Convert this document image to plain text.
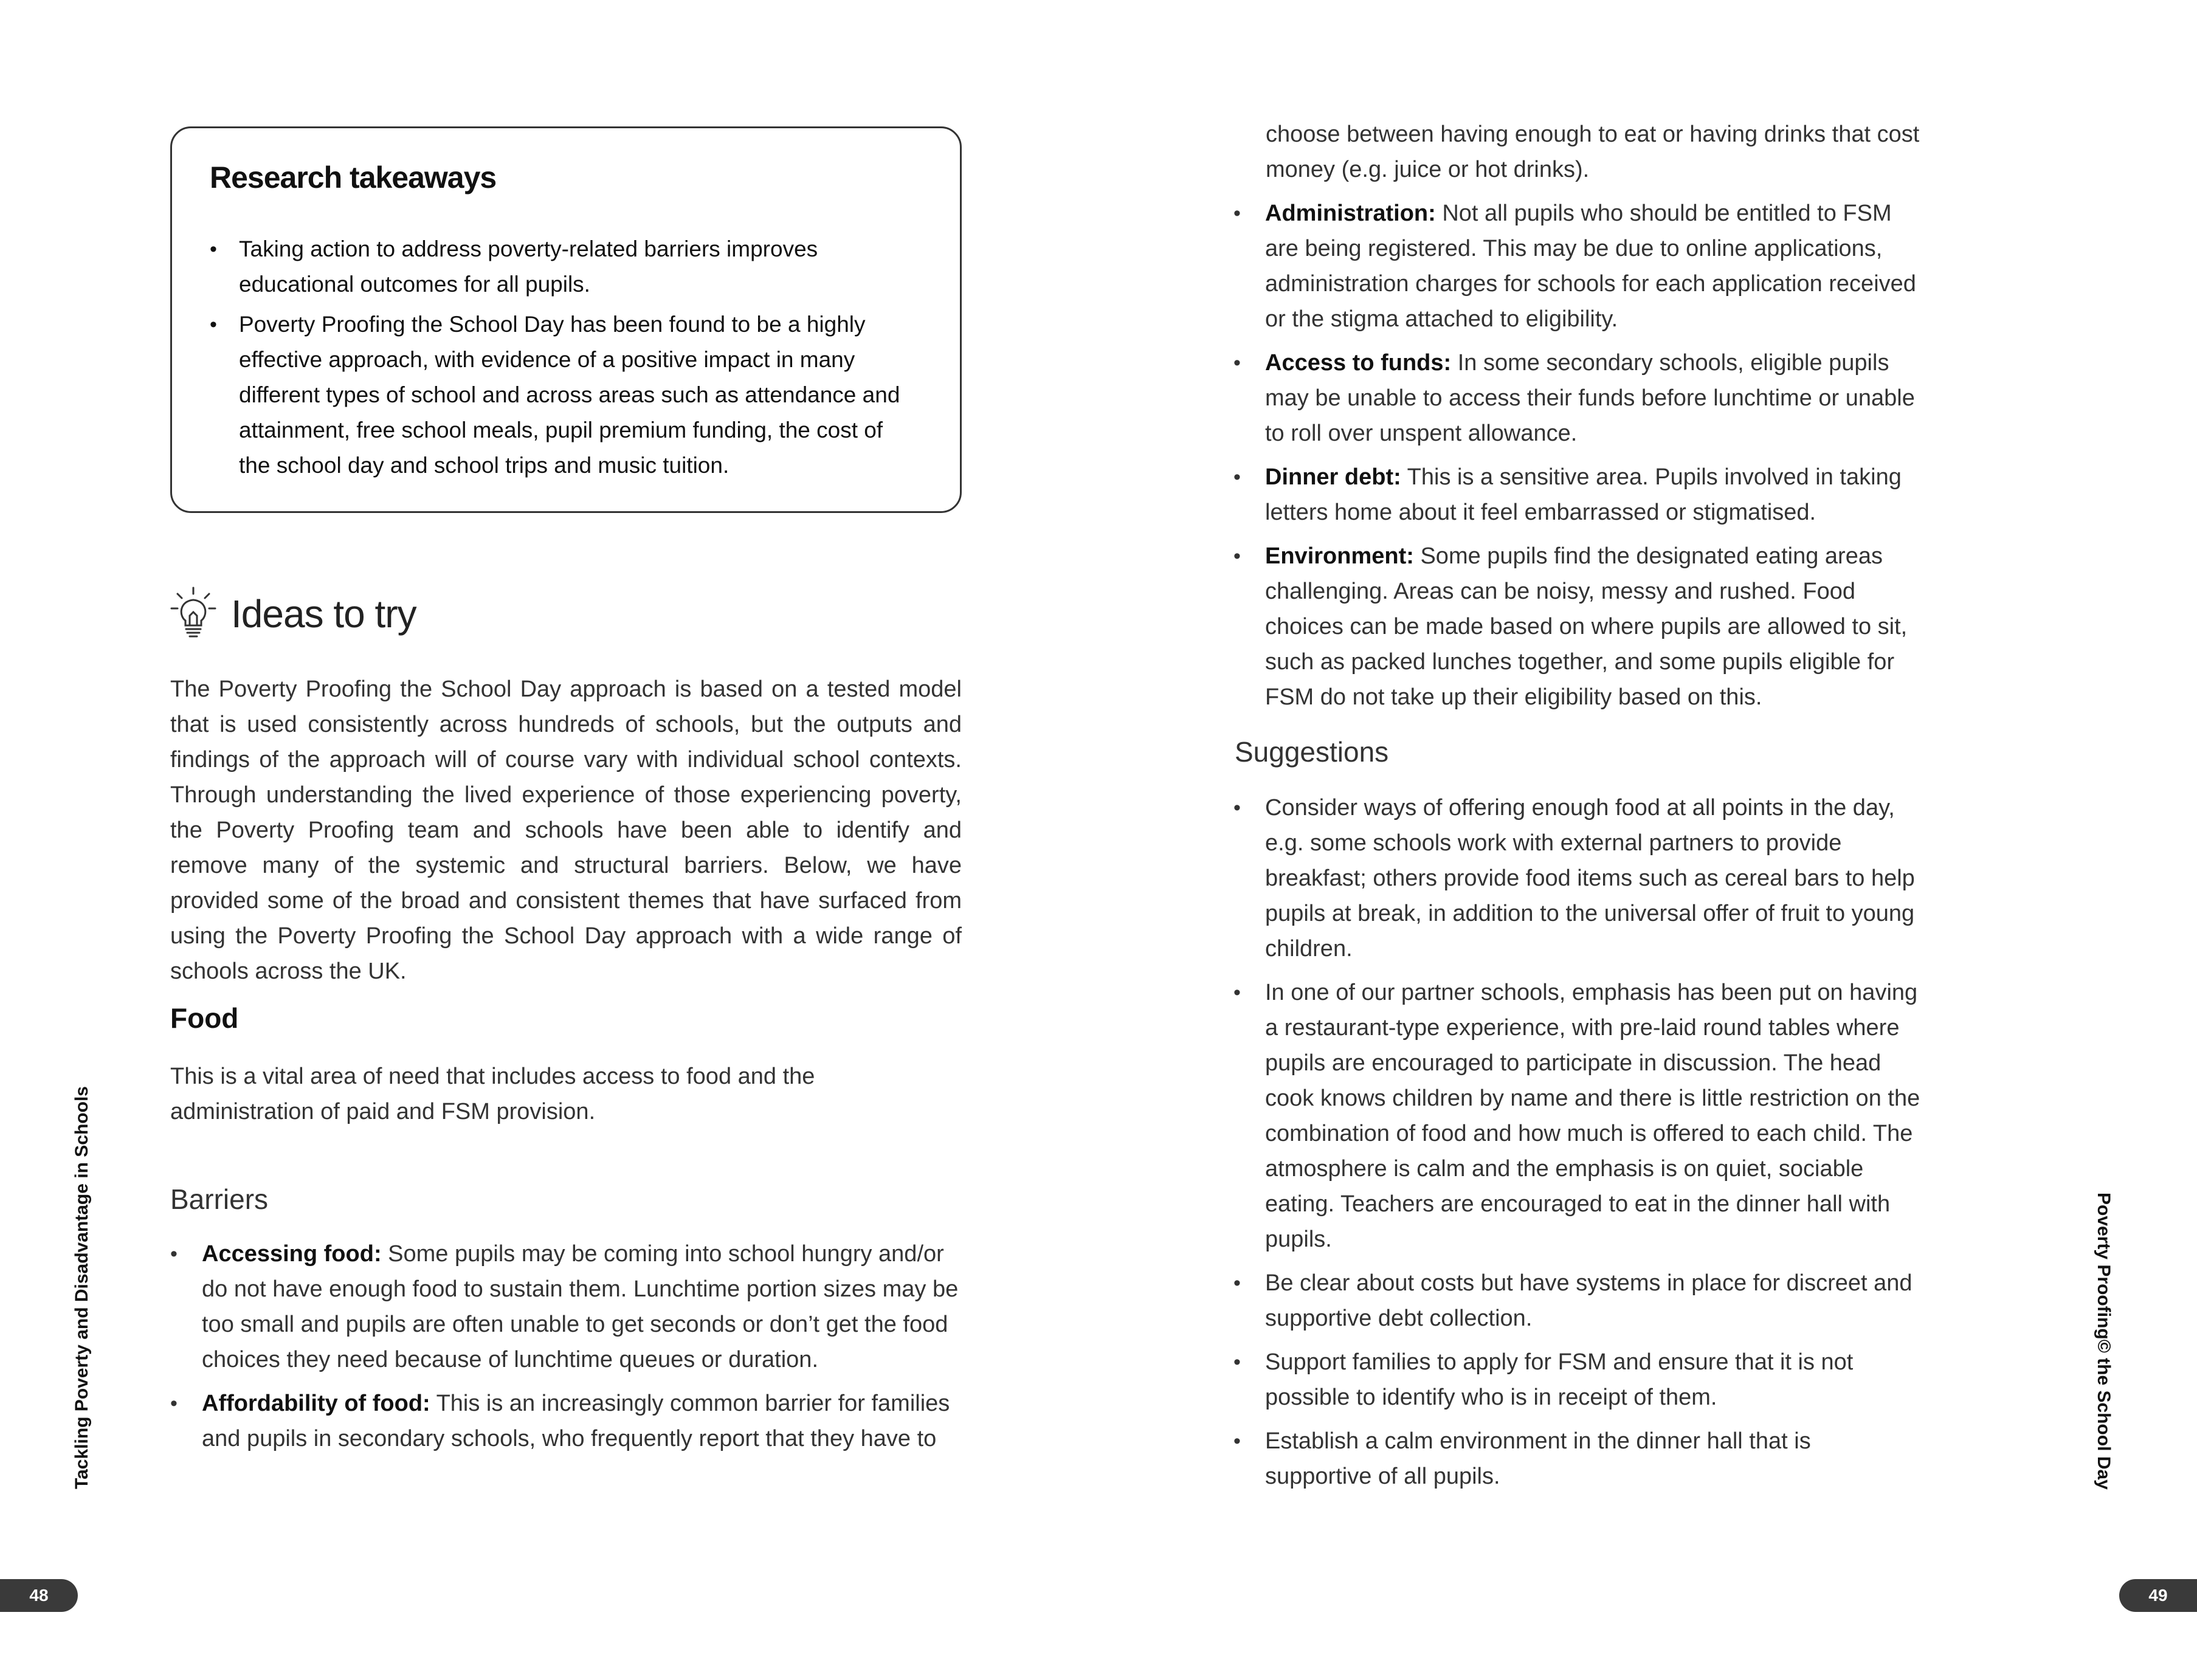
Research takeaways
• Taking action to address poverty-related barriers improves educational outcomes for all pupils.
• Poverty Proofing the School Day has been found to be a highly effective approach, with evidence of a positive impact in many different types of school and across areas such as attendance and attainment, free school meals, pupil premium funding, the cost of the school day and school trips and music tuition.
Ideas to try

The Poverty Proofing the School Day approach is based on a tested model that is used consistently across hundreds of schools, but the outputs and findings of the approach will of course vary with individual school contexts. Through understanding the lived experience of those experiencing poverty, the Poverty Proofing team and schools have been able to identify and remove many of the systemic and structural barriers. Below, we have provided some of the broad and consistent themes that have surfaced from using the Poverty Proofing the School Day approach with a wide range of schools across the UK.

Food

This is a vital area of need that includes access to food and the administration of paid and FSM provision.

Barriers
• Accessing food: Some pupils may be coming into school hungry and/or do not have enough food to sustain them. Lunchtime portion sizes may be too small and pupils are often unable to get seconds or don’t get the food choices they need because of lunchtime queues or duration.
• Affordability of food: This is an increasingly common barrier for families and pupils in secondary schools, who frequently report that they have to
Tackling Poverty and Disadvantage in Schools
48

choose between having enough to eat or having drinks that cost money (e.g. juice or hot drinks).

• Administration: Not all pupils who should be entitled to FSM are being registered. This may be due to online applications, administration charges for schools for each application received or the stigma attached to eligibility.
• Access to funds: In some secondary schools, eligible pupils may be unable to access their funds before lunchtime or unable to roll over unspent allowance.
• Dinner debt: This is a sensitive area. Pupils involved in taking letters home about it feel embarrassed or stigmatised.
• Environment: Some pupils find the designated eating areas challenging. Areas can be noisy, messy and rushed. Food choices can be made based on where pupils are allowed to sit, such as packed lunches together, and some pupils eligible for FSM do not take up their eligibility based on this.
Suggestions
• Consider ways of offering enough food at all points in the day, e.g. some schools work with external partners to provide breakfast; others provide food items such as cereal bars to help pupils at break, in addition to the universal offer of fruit to young children.
• In one of our partner schools, emphasis has been put on having a restaurant-type experience, with pre-laid round tables where pupils are encouraged to participate in discussion. The head cook knows children by name and there is little restriction on the combination of food and how much is offered to each child. The atmosphere is calm and the emphasis is on quiet, sociable eating. Teachers are encouraged to eat in the dinner hall with pupils.
• Be clear about costs but have systems in place for discreet and supportive debt collection.
• Support families to apply for FSM and ensure that it is not possible to identify who is in receipt of them.
• Establish a calm environment in the dinner hall that is supportive of all pupils.	Poverty Proofing© the School Day
49
